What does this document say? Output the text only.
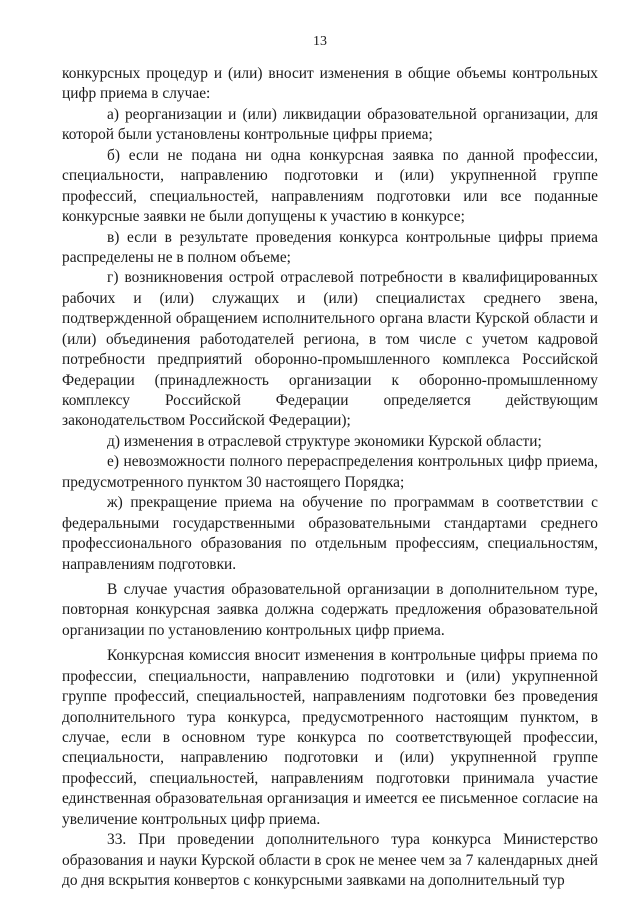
13

конкурсных процедур и (или) вносит изменения в общие объемы контрольных цифр приема в случае:

а) реорганизации и (или) ликвидации образовательной организации, для которой были установлены контрольные цифры приема;

б) если не подана ни одна конкурсная заявка по данной профессии, специальности, направлению подготовки и (или) укрупненной группе профессий, специальностей, направлениям подготовки или все поданные конкурсные заявки не были допущены к участию в конкурсе;

в) если в результате проведения конкурса контрольные цифры приема распределены не в полном объеме;

г) возникновения острой отраслевой потребности в квалифицированных рабочих и (или) служащих и (или) специалистах среднего звена, подтвержденной обращением исполнительного органа власти Курской области и (или) объединения работодателей региона, в том числе с учетом кадровой потребности предприятий оборонно-промышленного комплекса Российской Федерации (принадлежность организации к оборонно-промышленному комплексу Российской Федерации определяется действующим законодательством Российской Федерации);

д) изменения в отраслевой структуре экономики Курской области;

е) невозможности полного перераспределения контрольных цифр приема, предусмотренного пунктом 30 настоящего Порядка;

ж) прекращение приема на обучение по программам в соответствии с федеральными государственными образовательными стандартами среднего профессионального образования по отдельным профессиям, специальностям, направлениям подготовки.

В случае участия образовательной организации в дополнительном туре, повторная конкурсная заявка должна содержать предложения образовательной организации по установлению контрольных цифр приема.

Конкурсная комиссия вносит изменения в контрольные цифры приема по профессии, специальности, направлению подготовки и (или) укрупненной группе профессий, специальностей, направлениям подготовки без проведения дополнительного тура конкурса, предусмотренного настоящим пунктом, в случае, если в основном туре конкурса по соответствующей профессии, специальности, направлению подготовки и (или) укрупненной группе профессий, специальностей, направлениям подготовки принимала участие единственная образовательная организация и имеется ее письменное согласие на увеличение контрольных цифр приема.

33. При проведении дополнительного тура конкурса Министерство образования и науки Курской области в срок не менее чем за 7 календарных дней до дня вскрытия конвертов с конкурсными заявками на дополнительный тур
